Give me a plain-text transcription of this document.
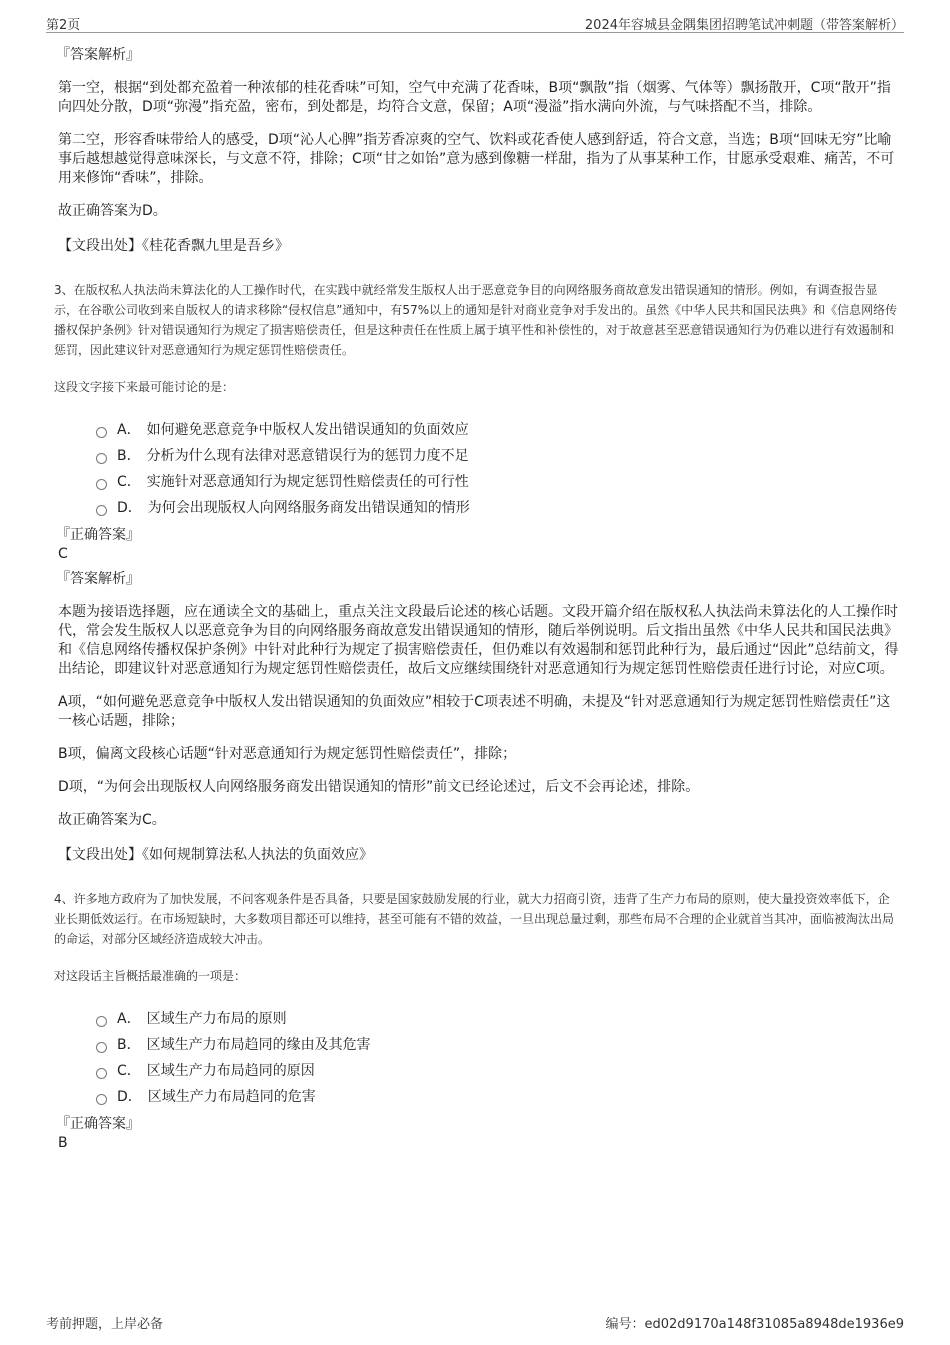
第2页	2024年容城县金隅集团招聘笔试冲刺题（带答案解析）
『答案解析』

第一空，根据“到处都充盈着一种浓郁的桂花香味”可知，空气中充满了花香味，B项“飘散”指（烟雾、气体等）飘扬散开，C项“散开”指向四处分散，D项“弥漫”指充盈，密布，到处都是，均符合文意，保留；A项“漫溢”指水满向外流，与气味搭配不当，排除。

第二空，形容香味带给人的感受，D项“沁人心脾”指芳香凉爽的空气、饮料或花香使人感到舒适，符合文意，当选；B项“回味无穷”比喻事后越想越觉得意味深长，与文意不符，排除；C项“甘之如饴”意为感到像糖一样甜，指为了从事某种工作，甘愿承受艰难、痛苦，不可用来修饰“香味”，排除。

故正确答案为D。

【文段出处】《桂花香飘九里是吾乡》

3、在版权私人执法尚未算法化的人工操作时代，在实践中就经常发生版权人出于恶意竞争目的向网络服务商故意发出错误通知的情形。例如，有调查报告显示，在谷歌公司收到来自版权人的请求移除“侵权信息”通知中，有57%以上的通知是针对商业竞争对手发出的。虽然《中华人民共和国民法典》和《信息网络传播权保护条例》针对错误通知行为规定了损害赔偿责任，但是这种责任在性质上属于填平性和补偿性的，对于故意甚至恶意错误通知行为仍难以进行有效遏制和惩罚，因此建议针对恶意通知行为规定惩罚性赔偿责任。

这段文字接下来最可能讨论的是：

A． 如何避免恶意竞争中版权人发出错误通知的负面效应
B． 分析为什么现有法律对恶意错误行为的惩罚力度不足
C． 实施针对恶意通知行为规定惩罚性赔偿责任的可行性
D． 为何会出现版权人向网络服务商发出错误通知的情形
『正确答案』
C
『答案解析』

本题为接语选择题，应在通读全文的基础上，重点关注文段最后论述的核心话题。文段开篇介绍在版权私人执法尚未算法化的人工操作时代，常会发生版权人以恶意竞争为目的向网络服务商故意发出错误通知的情形，随后举例说明。后文指出虽然《中华人民共和国民法典》和《信息网络传播权保护条例》中针对此种行为规定了损害赔偿责任，但仍难以有效遏制和惩罚此种行为，最后通过“因此”总结前文，得出结论，即建议针对恶意通知行为规定惩罚性赔偿责任，故后文应继续围绕针对恶意通知行为规定惩罚性赔偿责任进行讨论，对应C项。

A项，“如何避免恶意竞争中版权人发出错误通知的负面效应”相较于C项表述不明确，未提及“针对恶意通知行为规定惩罚性赔偿责任”这一核心话题，排除；

B项，偏离文段核心话题“针对恶意通知行为规定惩罚性赔偿责任”，排除；

D项，“为何会出现版权人向网络服务商发出错误通知的情形”前文已经论述过，后文不会再论述，排除。

故正确答案为C。

【文段出处】《如何规制算法私人执法的负面效应》

4、许多地方政府为了加快发展，不问客观条件是否具备，只要是国家鼓励发展的行业，就大力招商引资，违背了生产力布局的原则，使大量投资效率低下，企业长期低效运行。在市场短缺时，大多数项目都还可以维持，甚至可能有不错的效益，一旦出现总量过剩，那些布局不合理的企业就首当其冲，面临被淘汰出局的命运，对部分区域经济造成较大冲击。

对这段话主旨概括最准确的一项是：

A． 区域生产力布局的原则
B． 区域生产力布局趋同的缘由及其危害
C． 区域生产力布局趋同的原因
D． 区域生产力布局趋同的危害
『正确答案』
B
考前押题，上岸必备	编号：ed02d9170a148f31085a8948de1936e9
